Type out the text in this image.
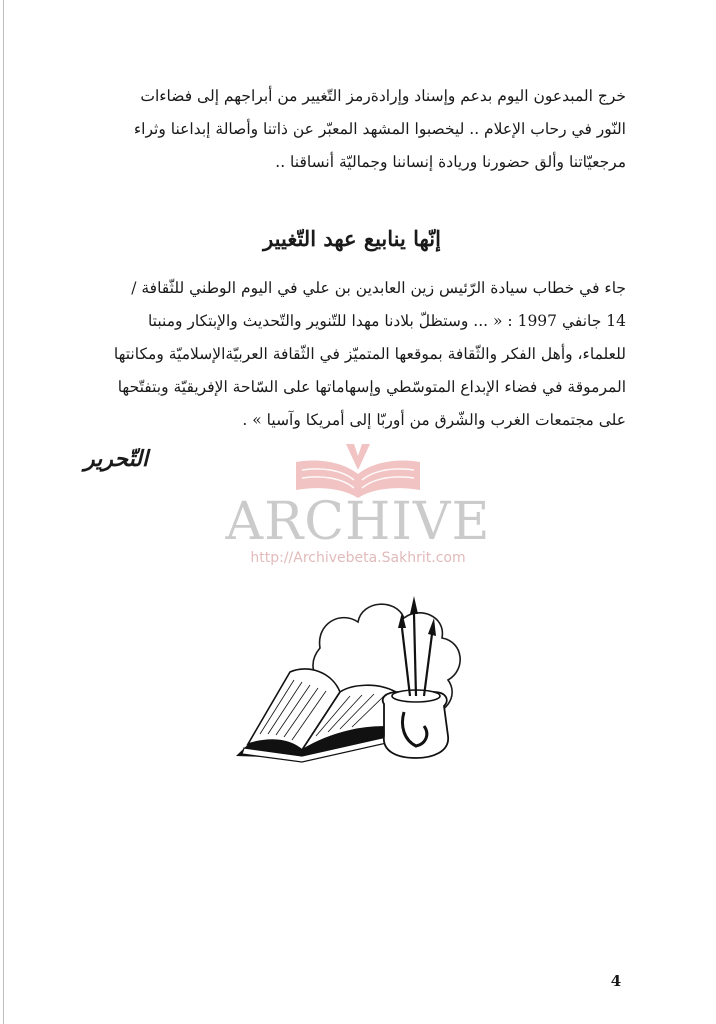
خرج المبدعون اليوم بدعم وإسناد وإرادةرمز التّغيير من أبراجهم إلى فضاءات

النّور في رحاب الإعلام .. ليخصبوا المشهد المعبّر عن ذاتنا وأصالة إبداعنا وثراء

مرجعيّاتنا وألق حضورنا وريادة إنساننا وجماليّة أنساقنا ..

إنّها ينابيع عهد التّغيير
جاء في خطاب سيادة الرّئيس زين العابدين بن علي في اليوم الوطني للثّقافة /
14 جانفي 1997 : « ... وستظلّ بلادنا مهدا للتّنوير والتّحديث والإبتكار ومنبتا
للعلماء، وأهل الفكر والثّقافة بموقعها المتميّز في الثّقافة العربيّةالإسلاميّة ومكانتها
المرموقة في فضاء الإبداع المتوسّطي وإسهاماتها على السّاحة الإفريقيّة وبتفتّحها
على مجتمعات الغرب والشّرق من أوربّا إلى أمريكا وآسيا » .
التّحرير
ARCHIVE
http://Archivebeta.Sakhrit.com
4
